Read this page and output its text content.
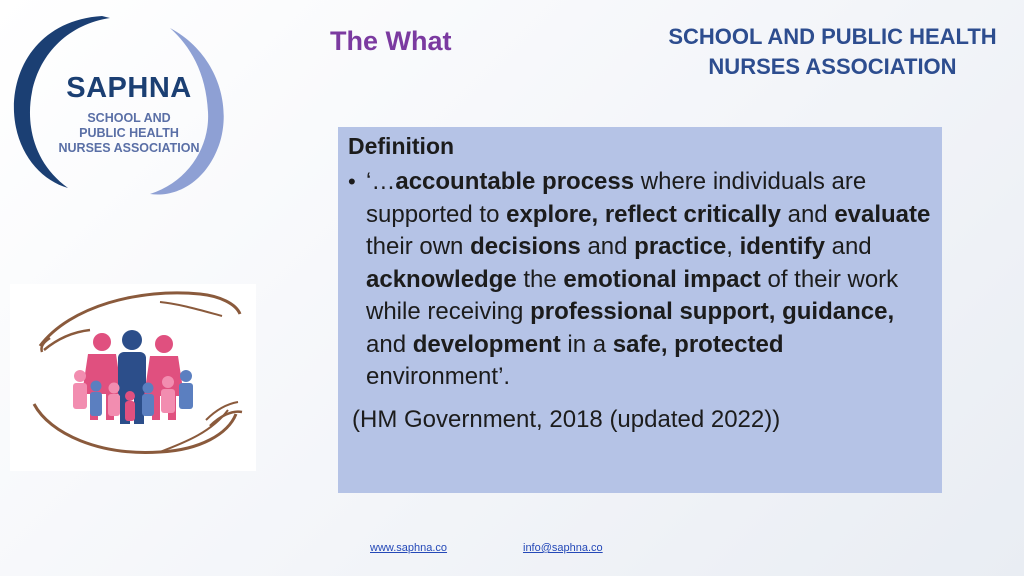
SAPHNA
SCHOOL AND
PUBLIC HEALTH
NURSES ASSOCIATION
The What	SCHOOL AND PUBLIC HEALTH
NURSES ASSOCIATION
Definition
• ‘…accountable process where individuals are supported to explore, reflect critically and evaluate their own decisions and practice, identify and acknowledge the emotional impact of their work while receiving professional support, guidance, and development in a safe, protected environment’.
(HM Government, 2018 (updated 2022))
www.saphna.co	info@saphna.co
